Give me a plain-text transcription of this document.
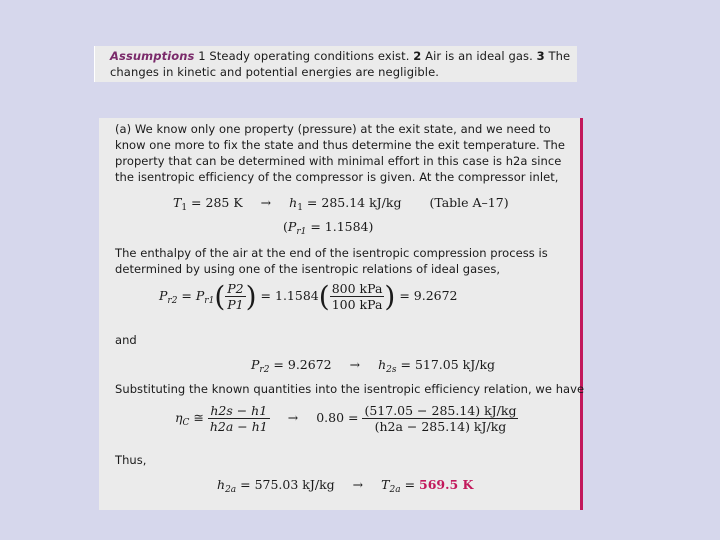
Assumptions 1 Steady operating conditions exist. 2 Air is an ideal gas. 3 The
changes in kinetic and potential energies are negligible.
(a) We know only one property (pressure) at the exit state, and we need to
know one more to fix the state and thus determine the exit temperature. The
property that can be determined with minimal effort in this case is h2a since
the isentropic efficiency of the compressor is given. At the compressor inlet,
$T_1 = 285$ $K \to h_1 = 285.14$ kJ/kg (Table A–17)
$(P_{r1} = 1.1584)$
The enthalpy of the air at the end of the isentropic compression process is
determined by using one of the isentropic relations of ideal gases,
$P_{r2} = P_{r1}( \frac{P2}{P1}$ ) = $1.1584( \frac{\text{800 kPa}}{\text{100 kPa}}$ ) = 9.2672
and
$P_{r2} = 9.2672 \to h_{2s} = 517.05$ kJ/kg
Substituting the known quantities into the isentropic efficiency relation, we have
$\eta_C$ ≅ $\frac{h2s - h1}{h2a - h1} \to 0.80 = \frac{(517.05 - 285.14) kJ/kg}{(h2a - 285.14) kJ/kg}$
Thus,
$h_{2a} = 575.03$ $kJ/kg \to T_{2a} = 569.5$ K
